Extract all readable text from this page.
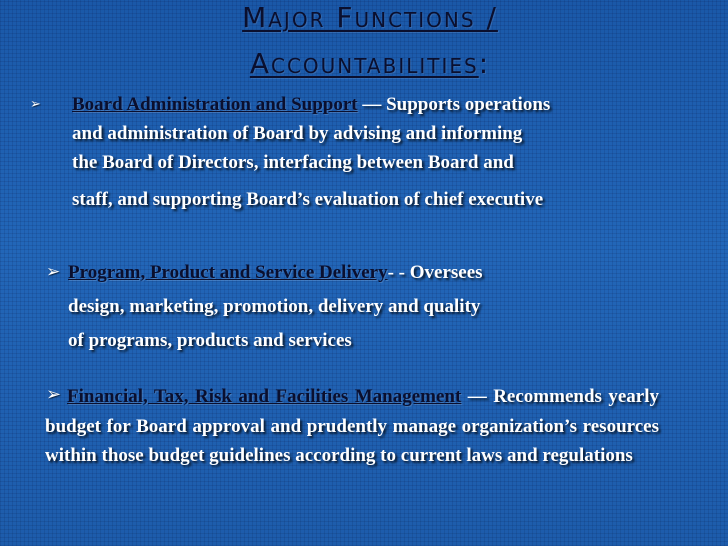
Major Functions /
Accountabilities:
➢ Board Administration and Support — Supports operations
and administration of Board by advising and informing
the Board of Directors, interfacing between Board and

staff, and supporting Board’s evaluation of chief executive
➢ Program, Product and Service Delivery- - Oversees
design, marketing, promotion, delivery and quality
of programs, products and services
➢ Financial, Tax, Risk and Facilities Management — Recommends yearly budget for Board approval and prudently manage organization’s resources within those budget guidelines according to current laws and regulations
